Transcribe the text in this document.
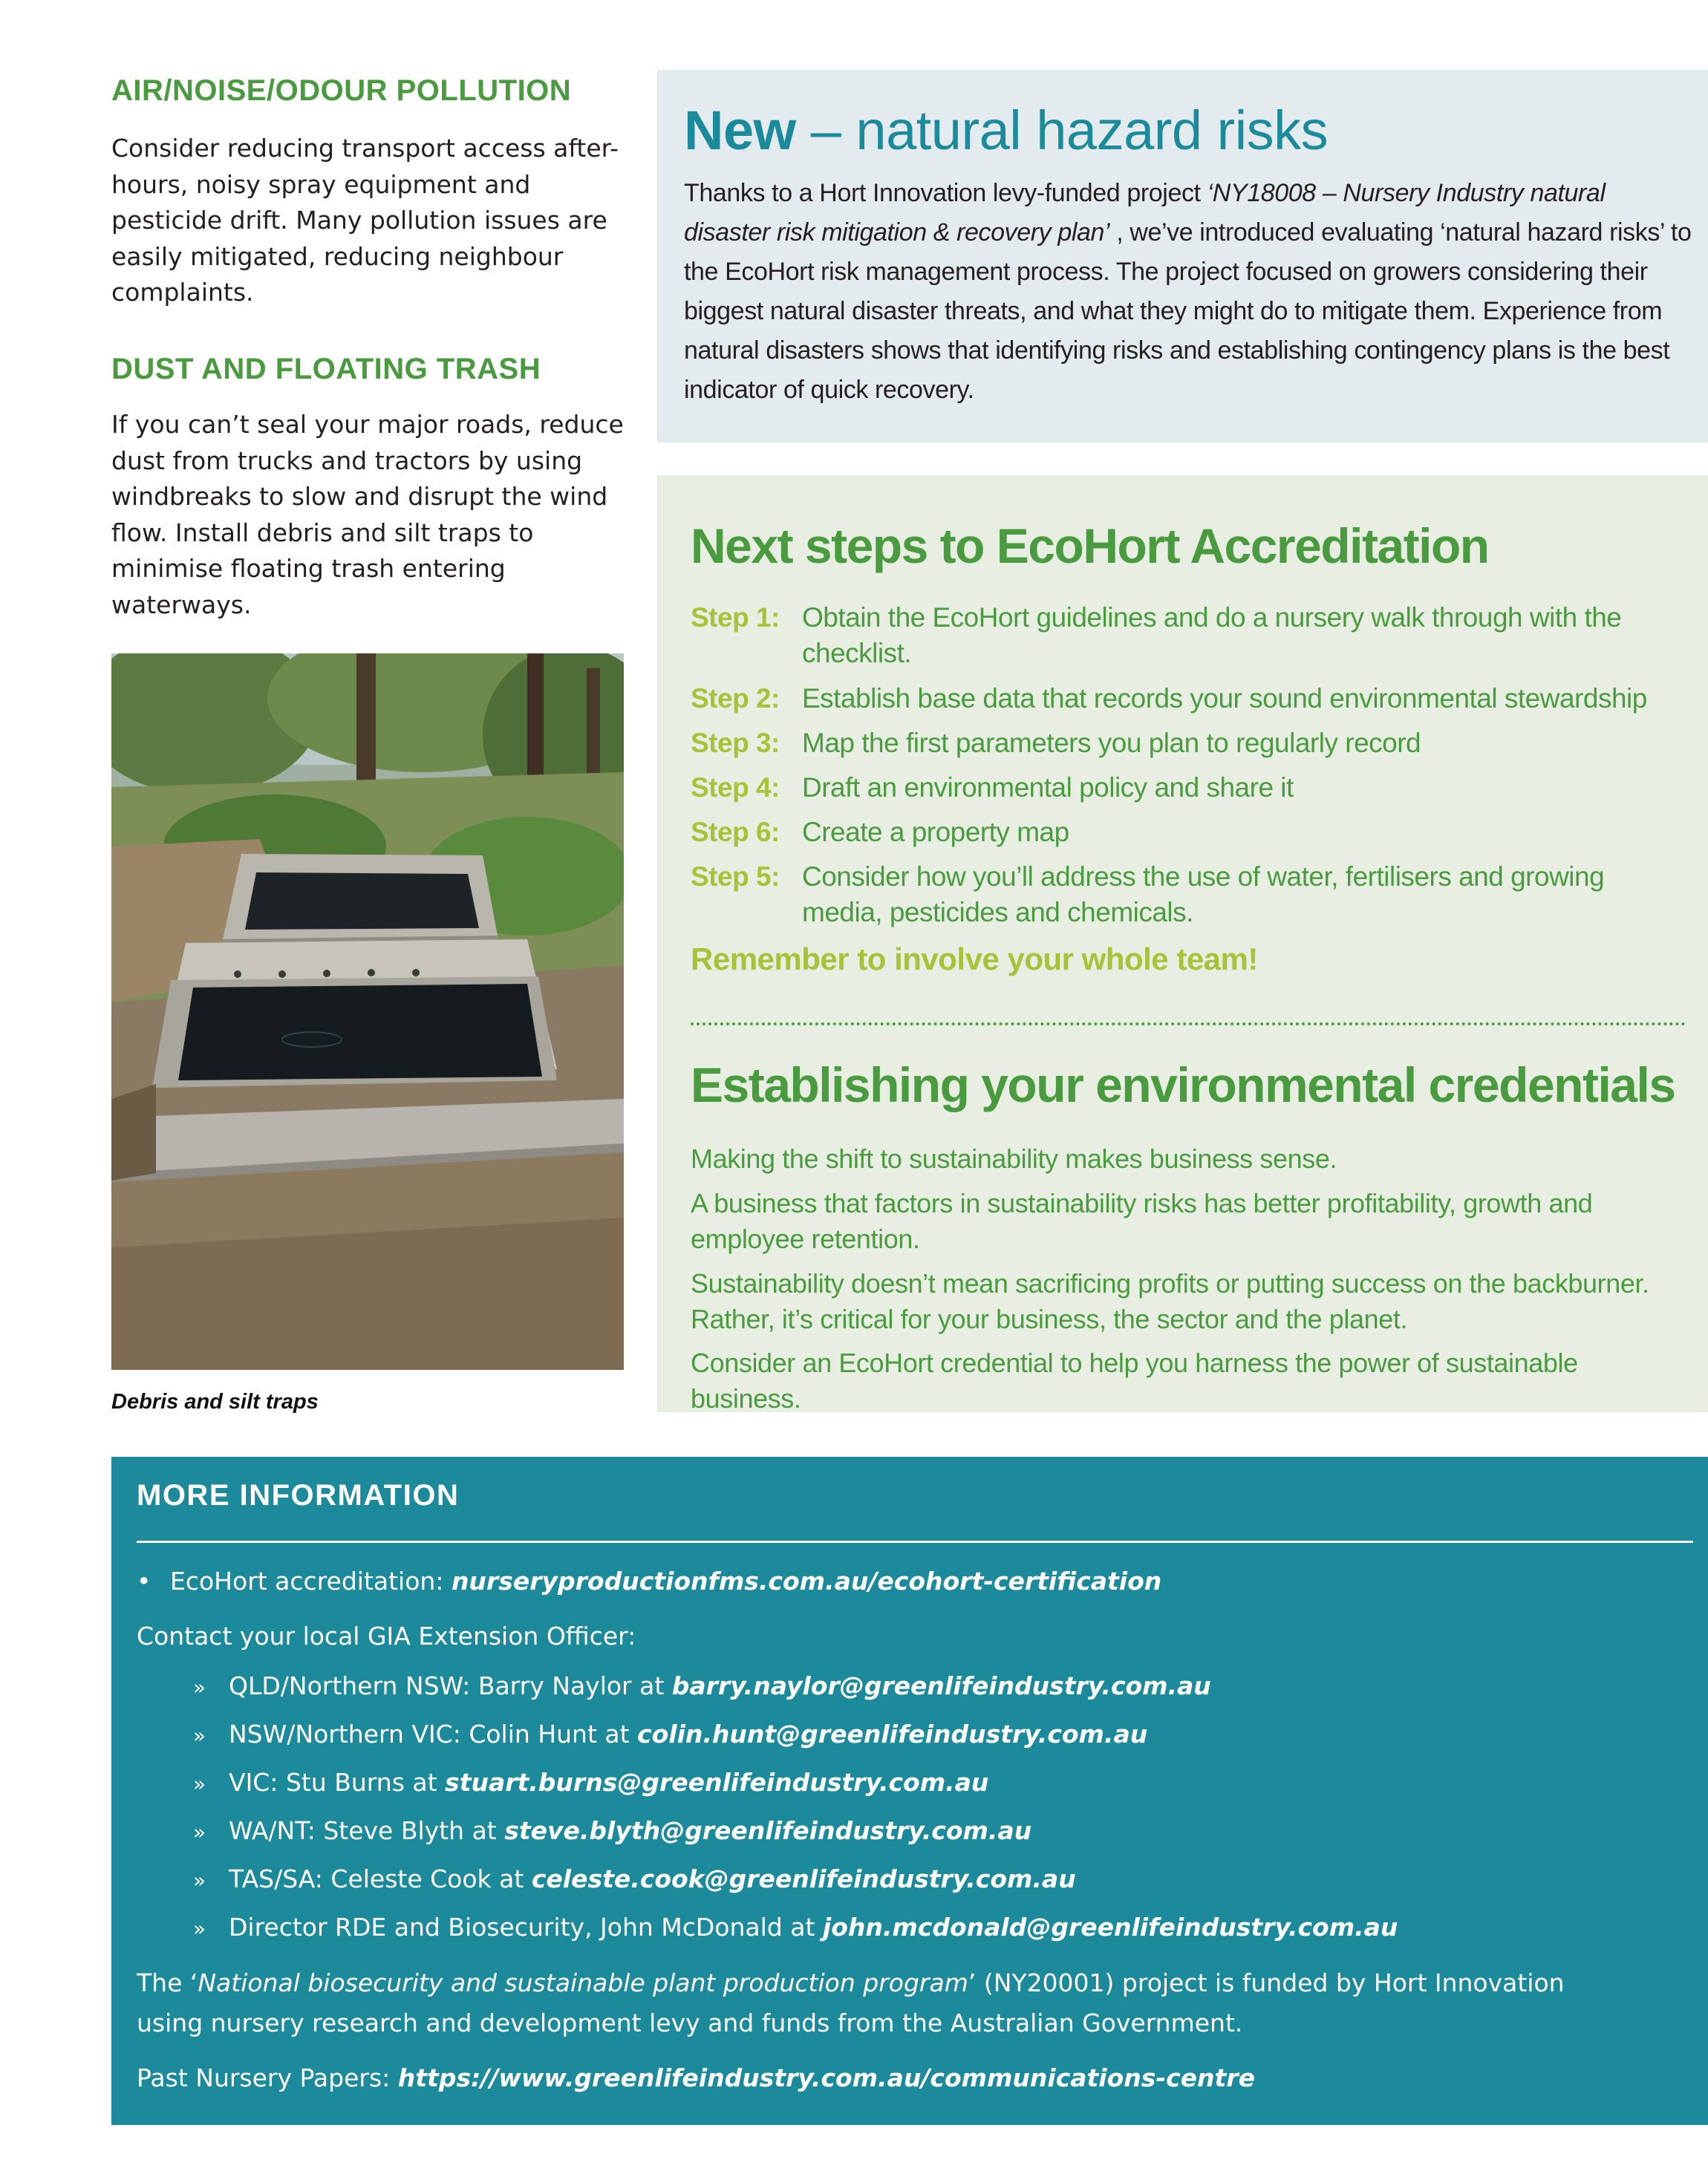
AIR/NOISE/ODOUR POLLUTION

Consider reducing transport access after-hours, noisy spray equipment and pesticide drift. Many pollution issues are easily mitigated, reducing neighbour complaints.

DUST AND FLOATING TRASH

If you can’t seal your major roads, reduce dust from trucks and tractors by using windbreaks to slow and disrupt the wind flow. Install debris and silt traps to minimise floating trash entering waterways.

Debris and silt traps

New – natural hazard risks

Thanks to a Hort Innovation levy-funded project ‘NY18008 – Nursery Industry natural disaster risk mitigation & recovery plan’ , we’ve introduced evaluating ‘natural hazard risks’ to the EcoHort risk management process. The project focused on growers considering their biggest natural disaster threats, and what they might do to mitigate them. Experience from natural disasters shows that identifying risks and establishing contingency plans is the best indicator of quick recovery.

Next steps to EcoHort Accreditation
Step 1: Obtain the EcoHort guidelines and do a nursery walk through with the checklist.
Step 2: Establish base data that records your sound environmental stewardship
Step 3: Map the first parameters you plan to regularly record
Step 4: Draft an environmental policy and share it
Step 6: Create a property map
Step 5: Consider how you’ll address the use of water, fertilisers and growing media, pesticides and chemicals.

Remember to involve your whole team!

Establishing your environmental credentials

Making the shift to sustainability makes business sense.

A business that factors in sustainability risks has better profitability, growth and employee retention.

Sustainability doesn’t mean sacrificing profits or putting success on the backburner. Rather, it’s critical for your business, the sector and the planet.

Consider an EcoHort credential to help you harness the power of sustainable business.

MORE INFORMATION
• EcoHort accreditation: nurseryproductionfms.com.au/ecohort-certification
Contact your local GIA Extension Officer:
» QLD/Northern NSW: Barry Naylor at barry.naylor@greenlifeindustry.com.au
» NSW/Northern VIC: Colin Hunt at colin.hunt@greenlifeindustry.com.au
» VIC: Stu Burns at stuart.burns@greenlifeindustry.com.au
» WA/NT: Steve Blyth at steve.blyth@greenlifeindustry.com.au
» TAS/SA: Celeste Cook at celeste.cook@greenlifeindustry.com.au
» Director RDE and Biosecurity, John McDonald at john.mcdonald@greenlifeindustry.com.au
The ‘National biosecurity and sustainable plant production program’ (NY20001) project is funded by Hort Innovation
using nursery research and development levy and funds from the Australian Government.
Past Nursery Papers: https://www.greenlifeindustry.com.au/communications-centre
